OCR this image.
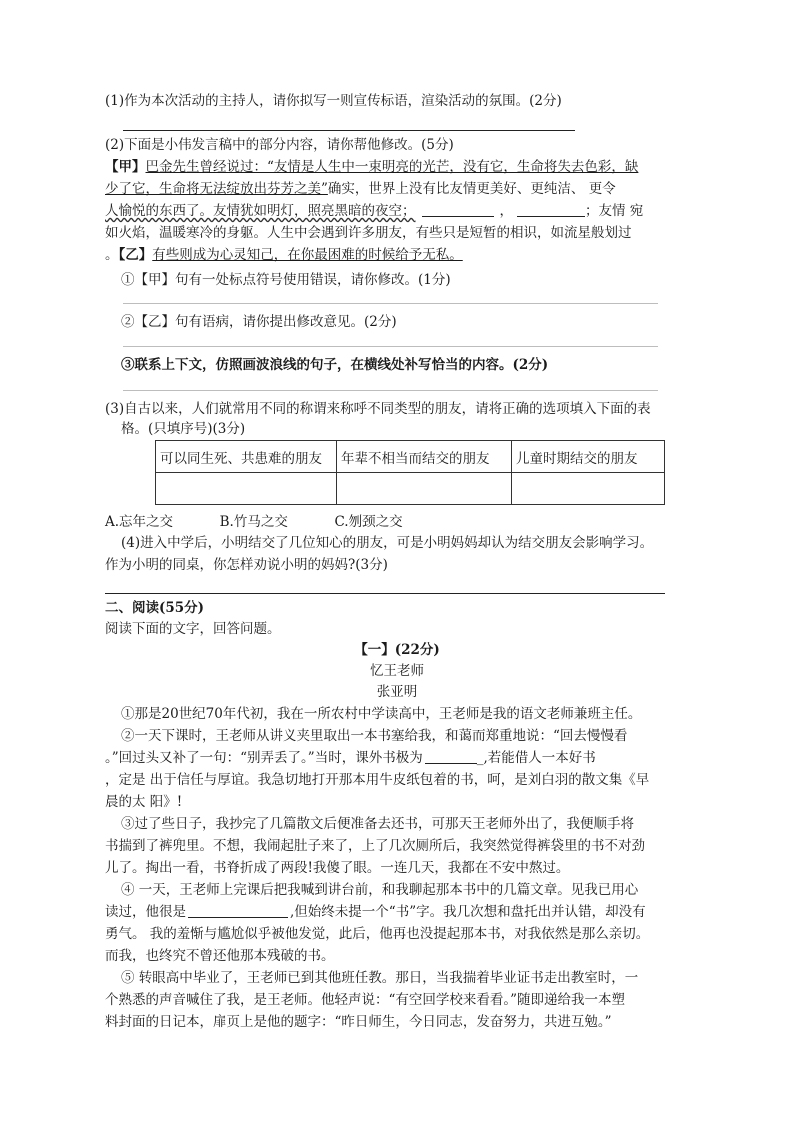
(1)作为本次活动的主持人，请你拟写一则宣传标语，渲染活动的氛围。(2分)
(2)下面是小伟发言稿中的部分内容，请你帮他修改。(5分)
【甲】巴金先生曾经说过：“友情是人生中一束明亮的光芒，没有它，生命将失去色彩，缺
少了它，生命将无法绽放出芬芳之美”确实，世界上没有比友情更美好、更纯洁、 更令
人愉悦的东西了。友情犹如明灯，照亮黑暗的夜空；	，	；友情 宛
如火焰，温暖寒冷的身躯。人生中会遇到许多朋友，有些只是短暂的相识，如流星般划过
。【乙】有些则成为心灵知己，在你最困难的时候给予无私。
①【甲】句有一处标点符号使用错误，请你修改。(1分)
②【乙】句有语病，请你提出修改意见。(2分)
③联系上下文，仿照画波浪线的句子，在横线处补写恰当的内容。(2分)
(3)自古以来，人们就常用不同的称谓来称呼不同类型的朋友，请将正确的选项填入下面的表
格。(只填序号)(3分)
可以同生死、共患难的朋友	年辈不相当而结交的朋友	儿童时期结交的朋友

A.忘年之交	B.竹马之交	C.刎颈之交
(4)进入中学后，小明结交了几位知心的朋友，可是小明妈妈却认为结交朋友会影响学习。
作为小明的同桌，你怎样劝说小明的妈妈?(3分)
二、阅读(55分)
阅读下面的文字，回答问题。
【一】(22分)
忆王老师
张亚明
①那是20世纪70年代初，我在一所农村中学读高中，王老师是我的语文老师兼班主任。
②一天下课时，王老师从讲义夹里取出一本书塞给我，和蔼而郑重地说：“回去慢慢看
。”回过头又补了一句：“别弄丢了。”当时，课外书极为	_,若能借人一本好书
，定是 出于信任与厚谊。我急切地打开那本用牛皮纸包着的书，呵，是刘白羽的散文集《早
晨的太 阳》!
③过了些日子，我抄完了几篇散文后便准备去还书，可那天王老师外出了，我便顺手将
书揣到了裤兜里。不想，我闹起肚子来了，上了几次厕所后，我突然觉得裤袋里的书不对劲
儿了。掏出一看，书脊折成了两段!我傻了眼。一连几天，我都在不安中熬过。
④ 一天，王老师上完课后把我喊到讲台前，和我聊起那本书中的几篇文章。见我已用心
读过，他很是	,但始终未提一个“书”字。我几次想和盘托出并认错，却没有
勇气。 我的羞惭与尴尬似乎被他发觉，此后，他再也没提起那本书，对我依然是那么亲切。
而我，也终究不曾还他那本残破的书。
⑤ 转眼高中毕业了，王老师已到其他班任教。那日，当我揣着毕业证书走出教室时，一
个熟悉的声音喊住了我，是王老师。他轻声说：“有空回学校来看看。”随即递给我一本塑
料封面的日记本，扉页上是他的题字：“昨日师生，今日同志，发奋努力，共进互勉。”
